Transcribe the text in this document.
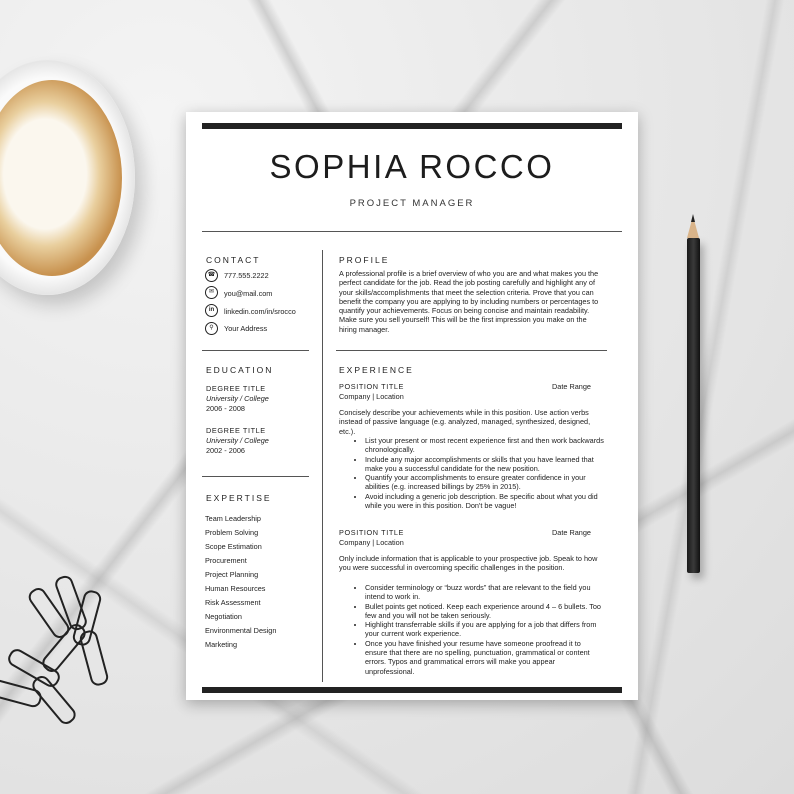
SOPHIA ROCCO
PROJECT MANAGER
CONTACT
☎	777.555.2222
✉	you@mail.com
in	linkedin.com/in/srocco
⚲	Your Address
EDUCATION
DEGREE TITLE
University / College
2006 - 2008
DEGREE TITLE
University / College
2002 - 2006
EXPERTISE
Team Leadership
Problem Solving
Scope Estimation
Procurement
Project Planning
Human Resources
Risk Assessment
Negotiation
Environmental Design
Marketing
PROFILE

A professional profile is a brief overview of who you are and what makes you the perfect candidate for the job. Read the job posting carefully and highlight any of your skills/accomplishments that meet the selection criteria. Prove that you can benefit the company you are applying to by including numbers or percentages to quantify your achievements. Focus on being concise and maintain readability. Make sure you sell yourself! This will be the first impression you make on the hiring manager.

EXPERIENCE
POSITION TITLE	Date Range
Company | Location

Concisely describe your achievements while in this position. Use action verbs instead of passive language (e.g. analyzed, managed, synthesized, designed, etc.).

• List your present or most recent experience first and then work backwards chronologically.
• Include any major accomplishments or skills that you have learned that make you a successful candidate for the new position.
• Quantify your accomplishments to ensure greater confidence in your abilities (e.g. increased billings by 25% in 2015).
• Avoid including a generic job description. Be specific about what you did while you were in this position. Don't be vague!
POSITION TITLE	Date Range
Company | Location

Only include information that is applicable to your prospective job. Speak to how you were successful in overcoming specific challenges in the position.

• Consider terminology or “buzz words” that are relevant to the field you intend to work in.
• Bullet points get noticed. Keep each experience around 4 – 6 bullets. Too few and you will not be taken seriously.
• Highlight transferrable skills if you are applying for a job that differs from your current work experience.
• Once you have finished your resume have someone proofread it to ensure that there are no spelling, punctuation, grammatical or content errors. Typos and grammatical errors will make you appear unprofessional.
